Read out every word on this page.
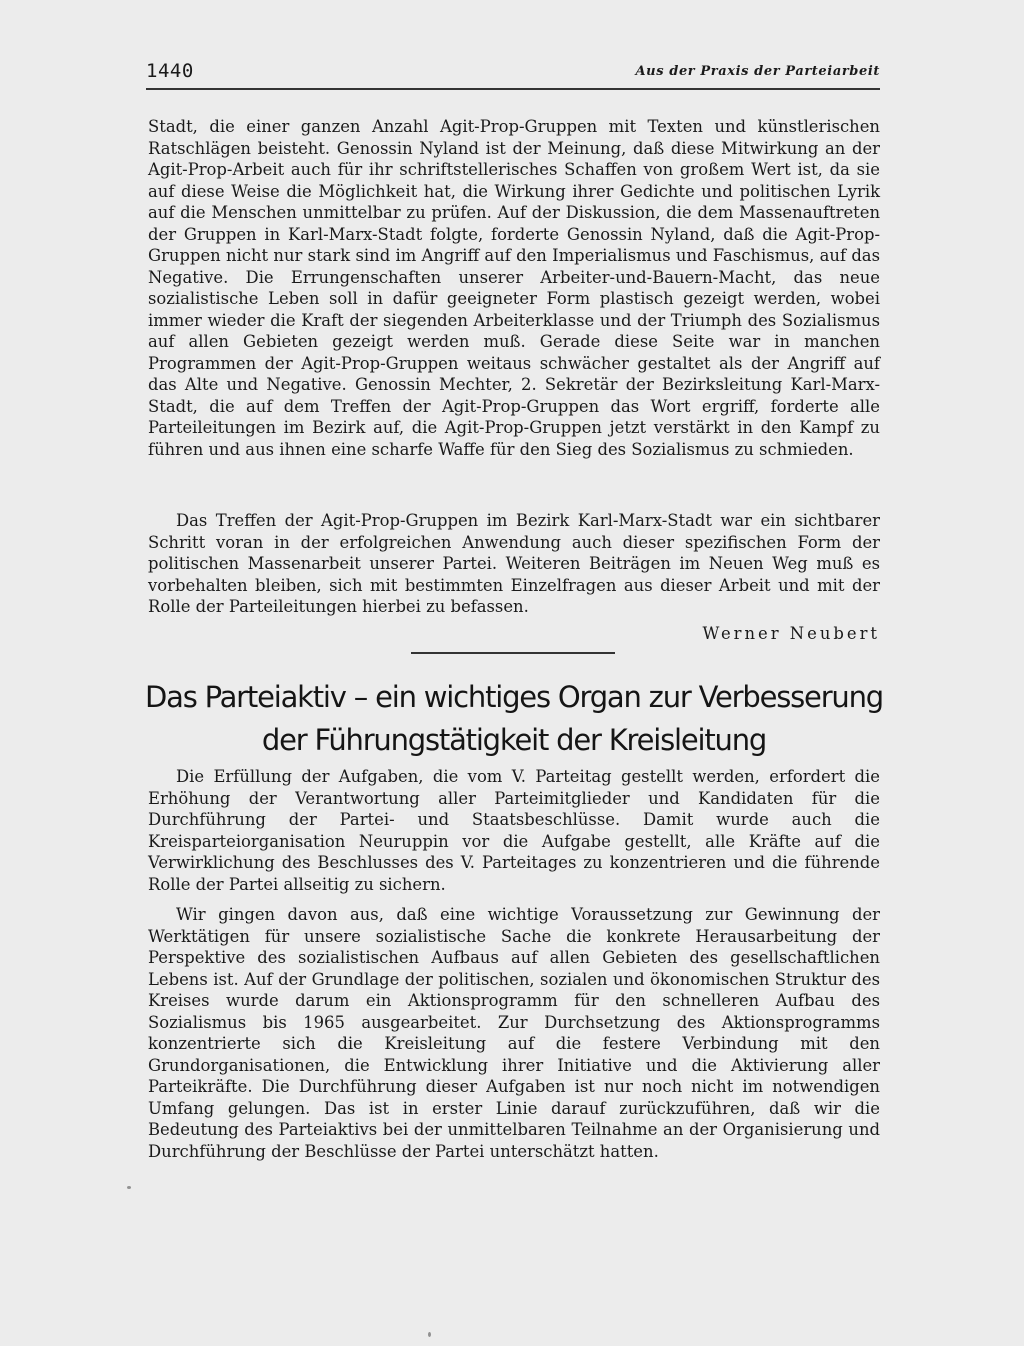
1440	Aus der Praxis der Parteiarbeit

Stadt, die einer ganzen Anzahl Agit-Prop-Gruppen mit Texten und künstlerischen Ratschlägen beisteht. Genossin Nyland ist der Meinung, daß diese Mitwirkung an der Agit-Prop-Arbeit auch für ihr schriftstellerisches Schaffen von großem Wert ist, da sie auf diese Weise die Möglichkeit hat, die Wirkung ihrer Gedichte und politischen Lyrik auf die Menschen unmittelbar zu prüfen. Auf der Diskussion, die dem Massenauftreten der Gruppen in Karl-Marx-Stadt folgte, forderte Genossin Nyland, daß die Agit-Prop-Gruppen nicht nur stark sind im Angriff auf den Imperialismus und Faschismus, auf das Negative. Die Errungenschaften unserer Arbeiter-und-Bauern-Macht, das neue sozialistische Leben soll in dafür geeigneter Form plastisch gezeigt werden, wobei immer wieder die Kraft der siegenden Arbeiterklasse und der Triumph des Sozialismus auf allen Gebieten gezeigt werden muß. Gerade diese Seite war in manchen Programmen der Agit-Prop-Gruppen weitaus schwächer gestaltet als der Angriff auf das Alte und Negative. Genossin Mechter, 2. Sekretär der Bezirksleitung Karl-Marx-Stadt, die auf dem Treffen der Agit-Prop-Gruppen das Wort ergriff, forderte alle Parteileitungen im Bezirk auf, die Agit-Prop-Gruppen jetzt verstärkt in den Kampf zu führen und aus ihnen eine scharfe Waffe für den Sieg des Sozialismus zu schmieden.

Das Treffen der Agit-Prop-Gruppen im Bezirk Karl-Marx-Stadt war ein sichtbarer Schritt voran in der erfolgreichen Anwendung auch dieser spezifischen Form der politischen Massenarbeit unserer Partei. Weiteren Beiträgen im Neuen Weg muß es vorbehalten bleiben, sich mit bestimmten Einzelfragen aus dieser Arbeit und mit der Rolle der Parteileitungen hierbei zu befassen.

Werner Neubert
Das Parteiaktiv – ein wichtiges Organ zur Verbesserung
der Führungstätigkeit der Kreisleitung

Die Erfüllung der Aufgaben, die vom V. Parteitag gestellt werden, erfordert die Erhöhung der Verantwortung aller Parteimitglieder und Kandidaten für die Durchführung der Partei- und Staatsbeschlüsse. Damit wurde auch die Kreisparteiorganisation Neuruppin vor die Aufgabe gestellt, alle Kräfte auf die Verwirklichung des Beschlusses des V. Parteitages zu konzentrieren und die führende Rolle der Partei allseitig zu sichern.

Wir gingen davon aus, daß eine wichtige Voraussetzung zur Gewinnung der Werktätigen für unsere sozialistische Sache die konkrete Herausarbeitung der Perspektive des sozialistischen Aufbaus auf allen Gebieten des gesellschaftlichen Lebens ist. Auf der Grundlage der politischen, sozialen und ökonomischen Struktur des Kreises wurde darum ein Aktionsprogramm für den schnelleren Aufbau des Sozialismus bis 1965 ausgearbeitet. Zur Durchsetzung des Aktionsprogramms konzentrierte sich die Kreisleitung auf die festere Verbindung mit den Grundorganisationen, die Entwicklung ihrer Initiative und die Aktivierung aller Parteikräfte. Die Durchführung dieser Aufgaben ist nur noch nicht im notwendigen Umfang gelungen. Das ist in erster Linie darauf zurückzuführen, daß wir die Bedeutung des Parteiaktivs bei der unmittelbaren Teilnahme an der Organisierung und Durchführung der Beschlüsse der Partei unterschätzt hatten.
